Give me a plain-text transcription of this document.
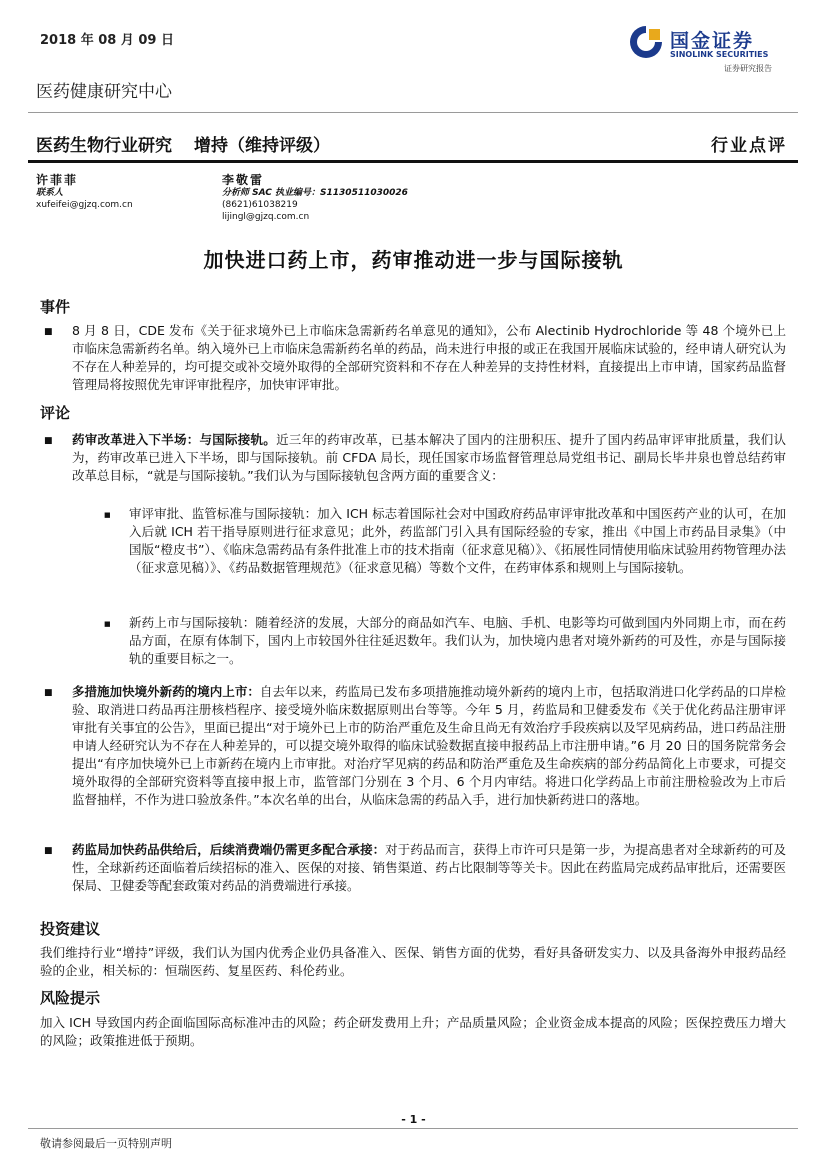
2018 年 08 月 09 日	国金证券
SINOLINK SECURITIES
证券研究报告
医药健康研究中心
医药生物行业研究 增持（维持评级）	行业点评
许菲菲
联系人
xufeifei@gjzq.com.cn
李敬雷
分析师 SAC 执业编号：S1130511030026
(8621)61038219
lijingl@gjzq.com.cn
加快进口药上市，药审推动进一步与国际接轨
事件
■ 8 月 8 日，CDE 发布《关于征求境外已上市临床急需新药名单意见的通知》，公布 Alectinib Hydrochloride 等 48 个境外已上市临床急需新药名单。纳入境外已上市临床急需新药名单的药品，尚未进行申报的或正在我国开展临床试验的，经申请人研究认为不存在人种差异的，均可提交或补交境外取得的全部研究资料和不存在人种差异的支持性材料，直接提出上市申请，国家药品监督管理局将按照优先审评审批程序，加快审评审批。
评论
■ 药审改革进入下半场：与国际接轨。近三年的药审改革，已基本解决了国内的注册积压、提升了国内药品审评审批质量，我们认为，药审改革已进入下半场，即与国际接轨。前 CFDA 局长，现任国家市场监督管理总局党组书记、副局长毕井泉也曾总结药审改革总目标，“就是与国际接轨。”我们认为与国际接轨包含两方面的重要含义：
■ 审评审批、监管标准与国际接轨：加入 ICH 标志着国际社会对中国政府药品审评审批改革和中国医药产业的认可，在加入后就 ICH 若干指导原则进行征求意见；此外，药监部门引入具有国际经验的专家，推出《中国上市药品目录集》（中国版“橙皮书”）、《临床急需药品有条件批准上市的技术指南（征求意见稿）》、《拓展性同情使用临床试验用药物管理办法（征求意见稿）》、《药品数据管理规范》（征求意见稿）等数个文件，在药审体系和规则上与国际接轨。
■ 新药上市与国际接轨：随着经济的发展，大部分的商品如汽车、电脑、手机、电影等均可做到国内外同期上市，而在药品方面，在原有体制下，国内上市较国外往往延迟数年。我们认为，加快境内患者对境外新药的可及性，亦是与国际接轨的重要目标之一。
■ 多措施加快境外新药的境内上市：自去年以来，药监局已发布多项措施推动境外新药的境内上市，包括取消进口化学药品的口岸检验、取消进口药品再注册核档程序、接受境外临床数据原则出台等等。今年 5 月，药监局和卫健委发布《关于优化药品注册审评审批有关事宜的公告》，里面已提出“对于境外已上市的防治严重危及生命且尚无有效治疗手段疾病以及罕见病药品，进口药品注册申请人经研究认为不存在人种差异的，可以提交境外取得的临床试验数据直接申报药品上市注册申请。”6 月 20 日的国务院常务会提出“有序加快境外已上市新药在境内上市审批。对治疗罕见病的药品和防治严重危及生命疾病的部分药品简化上市要求，可提交境外取得的全部研究资料等直接申报上市，监管部门分别在 3 个月、6 个月内审结。将进口化学药品上市前注册检验改为上市后监督抽样，不作为进口验放条件。”本次名单的出台，从临床急需的药品入手，进行加快新药进口的落地。
■ 药监局加快药品供给后，后续消费端仍需更多配合承接：对于药品而言，获得上市许可只是第一步，为提高患者对全球新药的可及性，全球新药还面临着后续招标的准入、医保的对接、销售渠道、药占比限制等等关卡。因此在药监局完成药品审批后，还需要医保局、卫健委等配套政策对药品的消费端进行承接。
投资建议
我们维持行业“增持”评级，我们认为国内优秀企业仍具备准入、医保、销售方面的优势，看好具备研发实力、以及具备海外申报药品经验的企业，相关标的：恒瑞医药、复星医药、科伦药业。
风险提示
加入 ICH 导致国内药企面临国际高标准冲击的风险；药企研发费用上升；产品质量风险；企业资金成本提高的风险；医保控费压力增大的风险；政策推进低于预期。
- 1 -
敬请参阅最后一页特别声明
